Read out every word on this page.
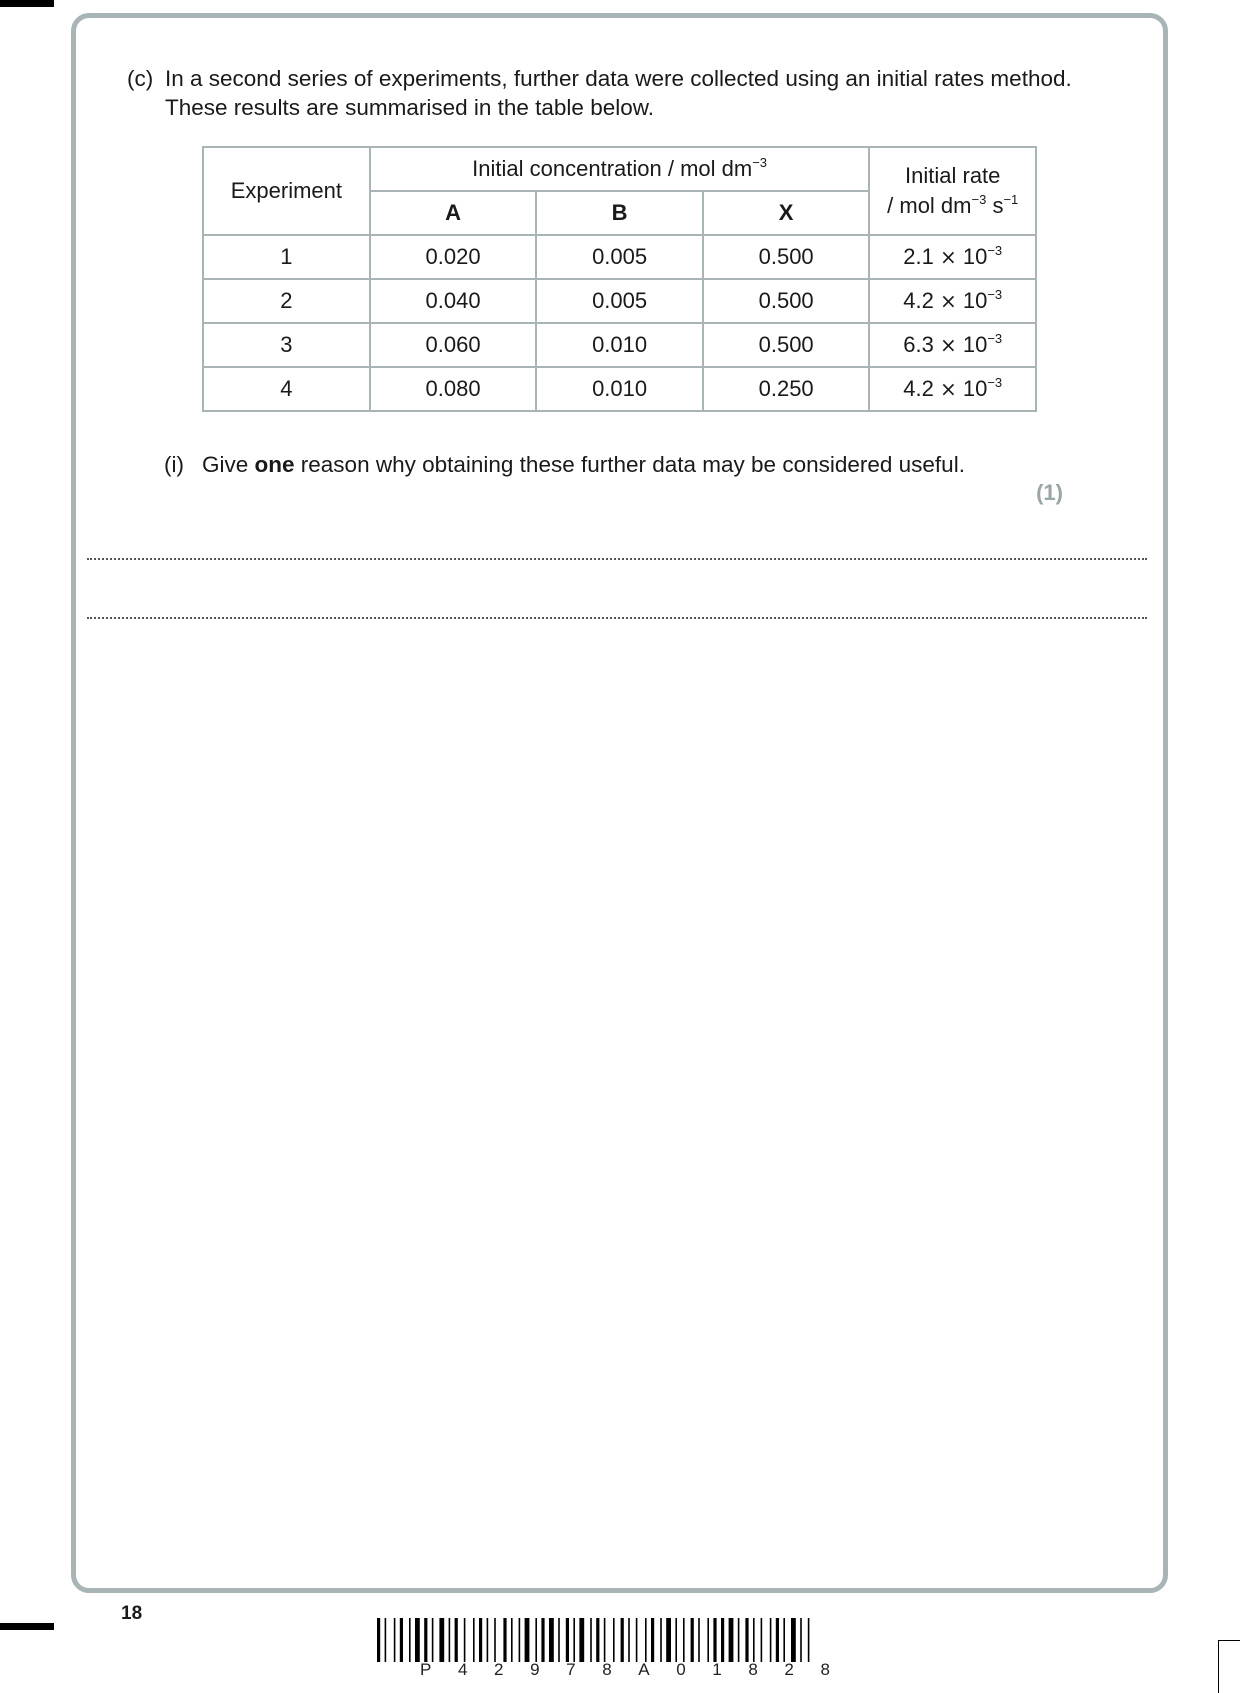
(c) In a second series of experiments, further data were collected using an initial rates method. These results are summarised in the table below.
Experiment	Initial concentration / mol $dm^{-3}$			Initial rate
/ mol $dm^{-3}$ $s^{-1}$
	A	B	X	
1	0.020	0.005	0.500	$2.1 \times 10^{-3}$
2	0.040	0.005	0.500	$4.2 \times 10^{-3}$
3	0.060	0.010	0.500	$6.3 \times 10^{-3}$
4	0.080	0.010	0.250	$4.2 \times 10^{-3}$
(i) Give one reason why obtaining these further data may be considered useful.
(1)
18
P 4 2 9 7 8 A 0 1 8 2 8
